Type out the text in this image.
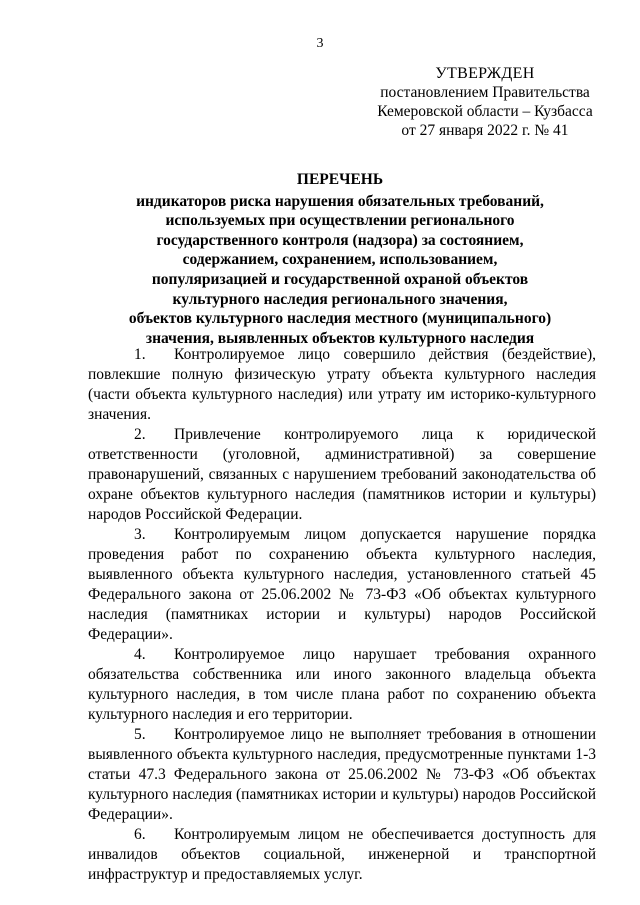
3
УТВЕРЖДЕН
постановлением Правительства
Кемеровской области – Кузбасса
от 27 января 2022 г. № 41
ПЕРЕЧЕНЬ
индикаторов риска нарушения обязательных требований,
используемых при осуществлении регионального
государственного контроля (надзора) за состоянием,
содержанием, сохранением, использованием,
популяризацией и государственной охраной объектов
культурного наследия регионального значения,
объектов культурного наследия местного (муниципального)
значения, выявленных объектов культурного наследия

1. Контролируемое лицо совершило действия (бездействие), повлекшие полную физическую утрату объекта культурного наследия (части объекта культурного наследия) или утрату им историко-культурного значения.

2. Привлечение контролируемого лица к юридической ответственности (уголовной, административной) за совершение правонарушений, связанных с нарушением требований законодательства об охране объектов культурного наследия (памятников истории и культуры) народов Российской Федерации.

3. Контролируемым лицом допускается нарушение порядка проведения работ по сохранению объекта культурного наследия, выявленного объекта культурного наследия, установленного статьей 45 Федерального закона от 25.06.2002 № 73-ФЗ «Об объектах культурного наследия (памятниках истории и культуры) народов Российской Федерации».

4. Контролируемое лицо нарушает требования охранного обязательства собственника или иного законного владельца объекта культурного наследия, в том числе плана работ по сохранению объекта культурного наследия и его территории.

5. Контролируемое лицо не выполняет требования в отношении выявленного объекта культурного наследия, предусмотренные пунктами 1-3 статьи 47.3 Федерального закона от 25.06.2002 № 73-ФЗ «Об объектах культурного наследия (памятниках истории и культуры) народов Российской Федерации».

6. Контролируемым лицом не обеспечивается доступность для инвалидов объектов социальной, инженерной и транспортной инфраструктур и предоставляемых услуг.
